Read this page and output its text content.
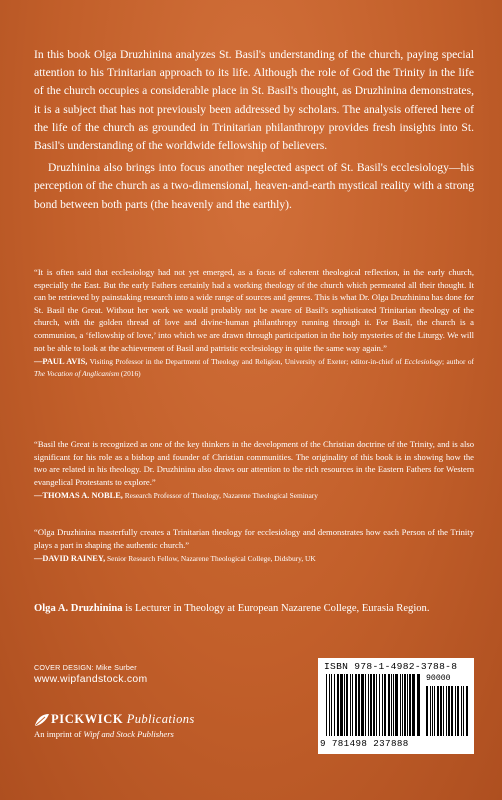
In this book Olga Druzhinina analyzes St. Basil's understanding of the church, paying special attention to his Trinitarian approach to its life. Although the role of God the Trinity in the life of the church occupies a considerable place in St. Basil's thought, as Druzhinina demonstrates, it is a subject that has not previously been addressed by scholars. The analysis offered here of the life of the church as grounded in Trinitarian philanthropy provides fresh insights into St. Basil's understanding of the worldwide fellowship of believers.

Druzhinina also brings into focus another neglected aspect of St. Basil's ecclesiology—his perception of the church as a two-dimensional, heaven-and-earth mystical reality with a strong bond between both parts (the heavenly and the earthly).

“It is often said that ecclesiology had not yet emerged, as a focus of coherent theological reflection, in the early church, especially the East. But the early Fathers certainly had a working theology of the church which permeated all their thought. It can be retrieved by painstaking research into a wide range of sources and genres. This is what Dr. Olga Druzhinina has done for St. Basil the Great. Without her work we would probably not be aware of Basil's sophisticated Trinitarian theology of the church, with the golden thread of love and divine-human philanthropy running through it. For Basil, the church is a communion, a ‘fellowship of love,’ into which we are drawn through participation in the holy mysteries of the Liturgy. We will not be able to look at the achievement of Basil and patristic ecclesiology in quite the same way again.”

—PAUL AVIS, Visiting Professor in the Department of Theology and Religion, University of Exeter; editor-in-chief of Ecclesiology; author of The Vocation of Anglicanism (2016)

“Basil the Great is recognized as one of the key thinkers in the development of the Christian doctrine of the Trinity, and is also significant for his role as a bishop and founder of Christian communities. The originality of this book is in showing how the two are related in his theology. Dr. Druzhinina also draws our attention to the rich resources in the Eastern Fathers for Western evangelical Protestants to explore.”

—THOMAS A. NOBLE, Research Professor of Theology, Nazarene Theological Seminary

“Olga Druzhinina masterfully creates a Trinitarian theology for ecclesiology and demonstrates how each Person of the Trinity plays a part in shaping the authentic church.”

—DAVID RAINEY, Senior Research Fellow, Nazarene Theological College, Didsbury, UK

Olga A. Druzhinina is Lecturer in Theology at European Nazarene College, Eurasia Region.

COVER DESIGN: Mike Surber
www.wipfandstock.com
PICKWICK Publications
An imprint of Wipf and Stock Publishers
ISBN 978-1-4982-3788-8
90000
9 781498 237888
